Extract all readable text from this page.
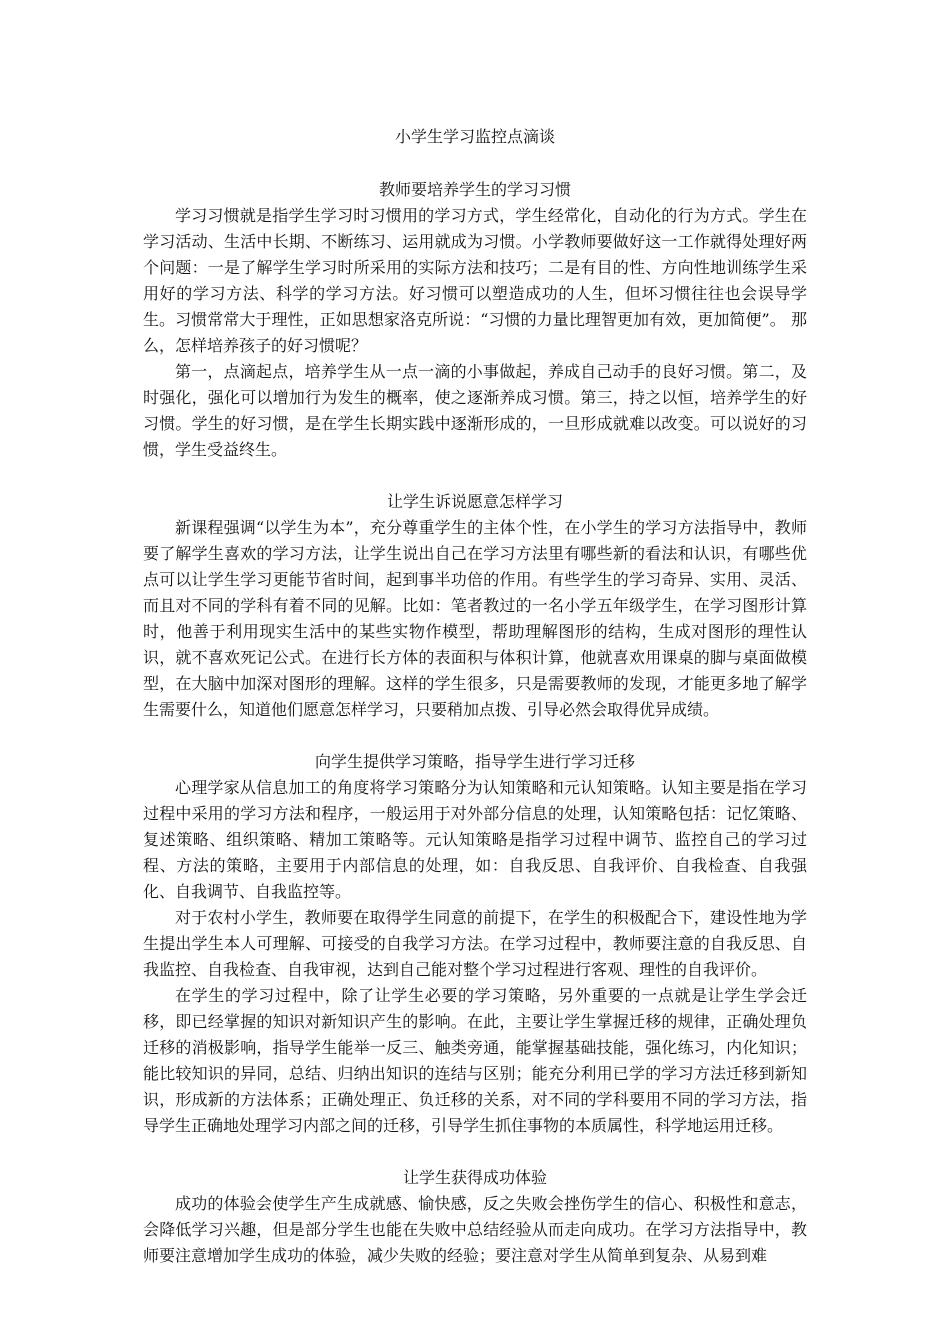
小学生学习监控点滴谈
教师要培养学生的学习习惯

学习习惯就是指学生学习时习惯用的学习方式，学生经常化，自动化的行为方式。学生在学习活动、生活中长期、不断练习、运用就成为习惯。小学教师要做好这一工作就得处理好两个问题：一是了解学生学习时所采用的实际方法和技巧；二是有目的性、方向性地训练学生采用好的学习方法、科学的学习方法。好习惯可以塑造成功的人生，但坏习惯往往也会误导学生。习惯常常大于理性，正如思想家洛克所说：“习惯的力量比理智更加有效，更加简便”。 那么，怎样培养孩子的好习惯呢？

第一，点滴起点，培养学生从一点一滴的小事做起，养成自己动手的良好习惯。第二，及时强化，强化可以增加行为发生的概率，使之逐渐养成习惯。第三，持之以恒，培养学生的好习惯。学生的好习惯，是在学生长期实践中逐渐形成的，一旦形成就难以改变。可以说好的习惯，学生受益终生。

让学生诉说愿意怎样学习

新课程强调“以学生为本”，充分尊重学生的主体个性，在小学生的学习方法指导中，教师要了解学生喜欢的学习方法，让学生说出自己在学习方法里有哪些新的看法和认识，有哪些优点可以让学生学习更能节省时间，起到事半功倍的作用。有些学生的学习奇异、实用、灵活、而且对不同的学科有着不同的见解。比如：笔者教过的一名小学五年级学生，在学习图形计算时，他善于利用现实生活中的某些实物作模型，帮助理解图形的结构，生成对图形的理性认识，就不喜欢死记公式。在进行长方体的表面积与体积计算，他就喜欢用课桌的脚与桌面做模型，在大脑中加深对图形的理解。这样的学生很多，只是需要教师的发现，才能更多地了解学生需要什么，知道他们愿意怎样学习，只要稍加点拨、引导必然会取得优异成绩。

向学生提供学习策略，指导学生进行学习迁移

心理学家从信息加工的角度将学习策略分为认知策略和元认知策略。认知主要是指在学习过程中采用的学习方法和程序，一般运用于对外部分信息的处理，认知策略包括：记忆策略、复述策略、组织策略、精加工策略等。元认知策略是指学习过程中调节、监控自己的学习过程、方法的策略，主要用于内部信息的处理，如：自我反思、自我评价、自我检查、自我强化、自我调节、自我监控等。

对于农村小学生，教师要在取得学生同意的前提下，在学生的积极配合下，建设性地为学生提出学生本人可理解、可接受的自我学习方法。在学习过程中，教师要注意的自我反思、自我监控、自我检查、自我审视，达到自己能对整个学习过程进行客观、理性的自我评价。

在学生的学习过程中，除了让学生必要的学习策略，另外重要的一点就是让学生学会迁移，即已经掌握的知识对新知识产生的影响。在此，主要让学生掌握迁移的规律，正确处理负迁移的消极影响，指导学生能举一反三、触类旁通，能掌握基础技能，强化练习，内化知识；能比较知识的异同，总结、归纳出知识的连结与区别；能充分利用已学的学习方法迁移到新知识，形成新的方法体系；正确处理正、负迁移的关系，对不同的学科要用不同的学习方法，指导学生正确地处理学习内部之间的迁移，引导学生抓住事物的本质属性，科学地运用迁移。

让学生获得成功体验

成功的体验会使学生产生成就感、愉快感，反之失败会挫伤学生的信心、积极性和意志，会降低学习兴趣，但是部分学生也能在失败中总结经验从而走向成功。在学习方法指导中，教师要注意增加学生成功的体验，减少失败的经验；要注意对学生从简单到复杂、从易到难
